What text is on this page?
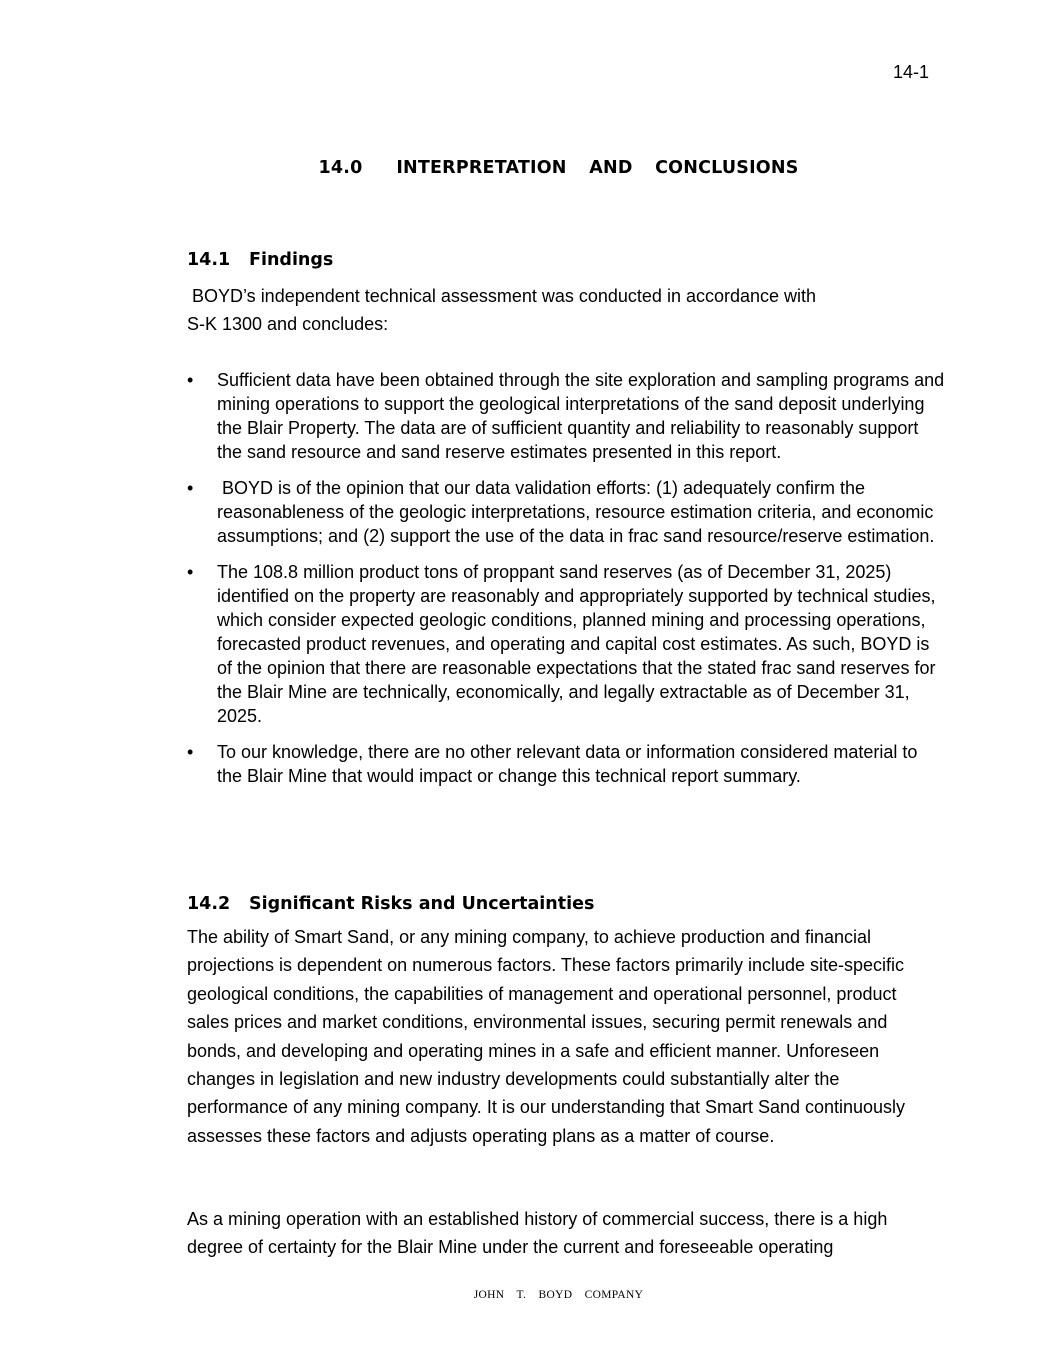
14-1
14.0   INTERPRETATION  AND  CONCLUSIONS
14.1 Findings

BOYD’s independent technical assessment was conducted in accordance with
S-K 1300 and concludes:

• Sufficient data have been obtained through the site exploration and sampling programs and mining operations to support the geological interpretations of the sand deposit underlying the Blair Property. The data are of sufficient quantity and reliability to reasonably support the sand resource and sand reserve estimates presented in this report.
• BOYD is of the opinion that our data validation efforts: (1) adequately confirm the reasonableness of the geologic interpretations, resource estimation criteria, and economic assumptions; and (2) support the use of the data in frac sand resource/reserve estimation.
• The 108.8 million product tons of proppant sand reserves (as of December 31, 2025) identified on the property are reasonably and appropriately supported by technical studies, which consider expected geologic conditions, planned mining and processing operations, forecasted product revenues, and operating and capital cost estimates. As such, BOYD is of the opinion that there are reasonable expectations that the stated frac sand reserves for the Blair Mine are technically, economically, and legally extractable as of December 31, 2025.
• To our knowledge, there are no other relevant data or information considered material to the Blair Mine that would impact or change this technical report summary.
14.2 Significant Risks and Uncertainties

The ability of Smart Sand, or any mining company, to achieve production and financial projections is dependent on numerous factors. These factors primarily include site-specific geological conditions, the capabilities of management and operational personnel, product sales prices and market conditions, environmental issues, securing permit renewals and bonds, and developing and operating mines in a safe and efficient manner. Unforeseen changes in legislation and new industry developments could substantially alter the performance of any mining company. It is our understanding that Smart Sand continuously assesses these factors and adjusts operating plans as a matter of course.

As a mining operation with an established history of commercial success, there is a high degree of certainty for the Blair Mine under the current and foreseeable operating

JOHN  T.  BOYD  COMPANY
